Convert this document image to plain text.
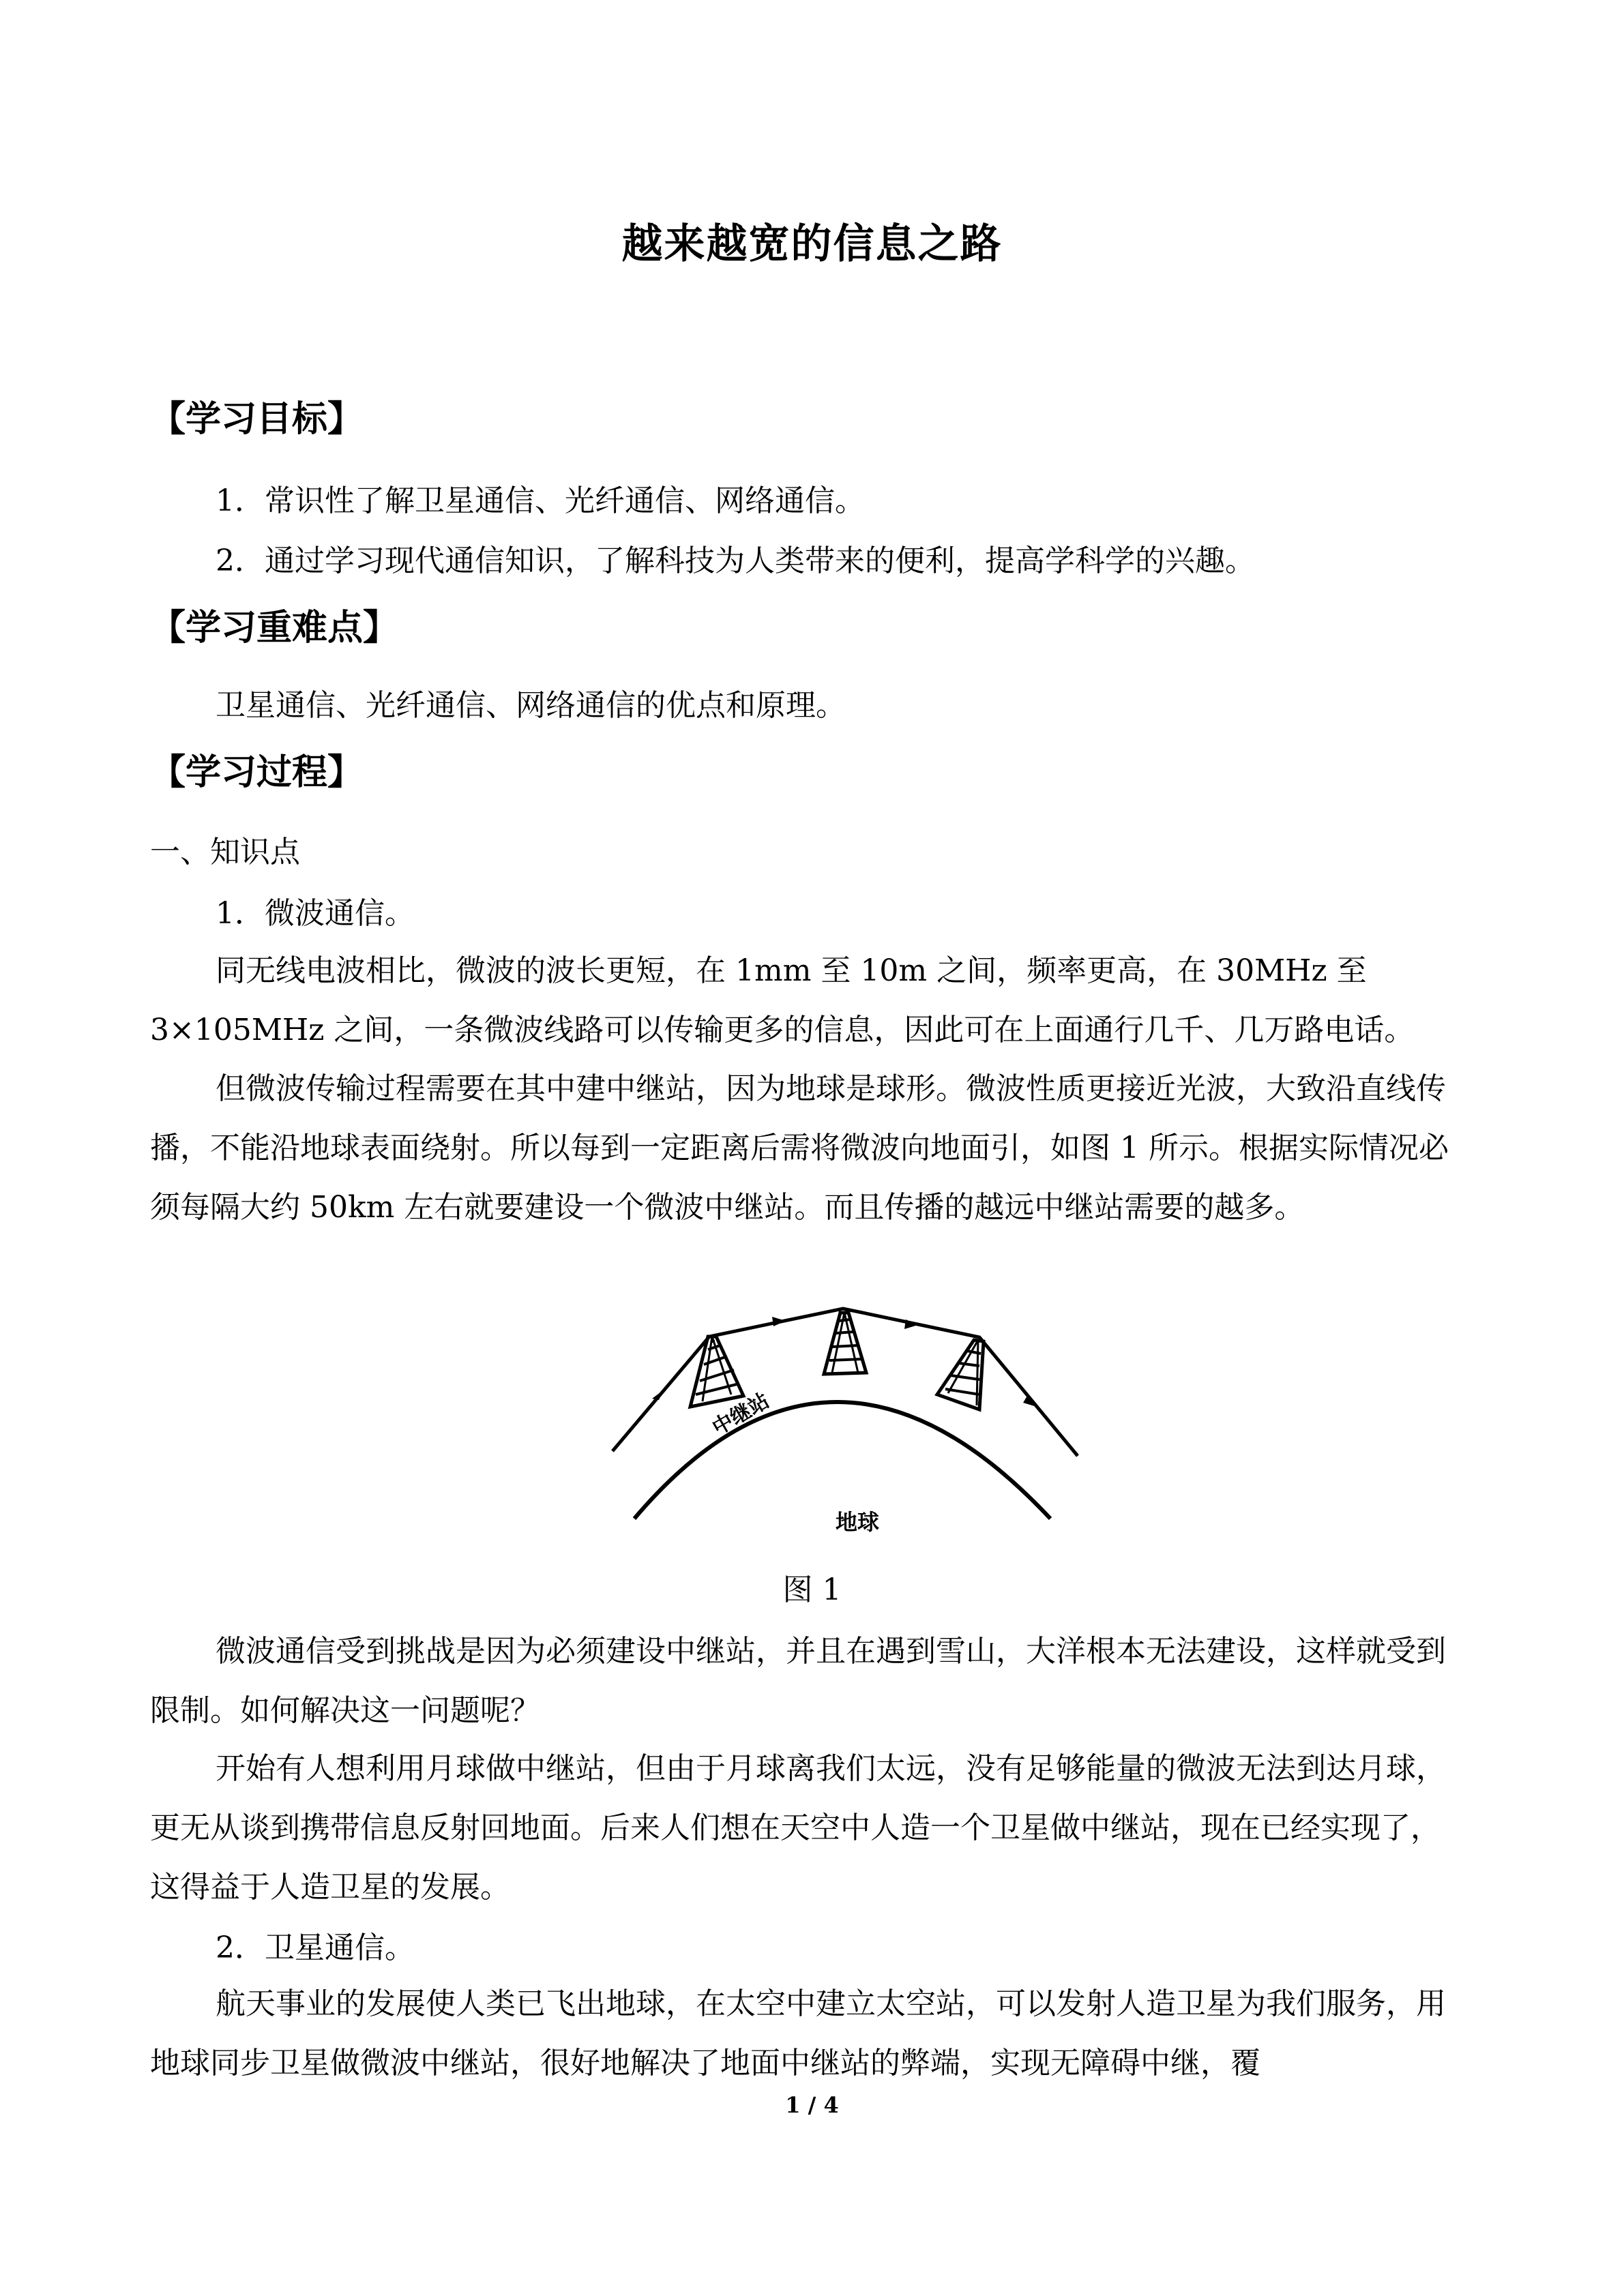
越来越宽的信息之路
【学习目标】

1．常识性了解卫星通信、光纤通信、网络通信。

2．通过学习现代通信知识，了解科技为人类带来的便利，提高学科学的兴趣。

【学习重难点】

卫星通信、光纤通信、网络通信的优点和原理。

【学习过程】

一、知识点

1．微波通信。

同无线电波相比，微波的波长更短，在 1mm 至 10m 之间，频率更高，在 30MHz 至 3×105MHz 之间，一条微波线路可以传输更多的信息，因此可在上面通行几千、几万路电话。

但微波传输过程需要在其中建中继站，因为地球是球形。微波性质更接近光波，大致沿直线传播，不能沿地球表面绕射。所以每到一定距离后需将微波向地面引，如图 1 所示。根据实际情况必须每隔大约 50km 左右就要建设一个微波中继站。而且传播的越远中继站需要的越多。

中继站
地球
图 1

微波通信受到挑战是因为必须建设中继站，并且在遇到雪山，大洋根本无法建设，这样就受到限制。如何解决这一问题呢？

开始有人想利用月球做中继站，但由于月球离我们太远，没有足够能量的微波无法到达月球，更无从谈到携带信息反射回地面。后来人们想在天空中人造一个卫星做中继站，现在已经实现了，这得益于人造卫星的发展。

2．卫星通信。

航天事业的发展使人类已飞出地球，在太空中建立太空站，可以发射人造卫星为我们服务，用地球同步卫星做微波中继站，很好地解决了地面中继站的弊端，实现无障碍中继，覆

1 / 4
